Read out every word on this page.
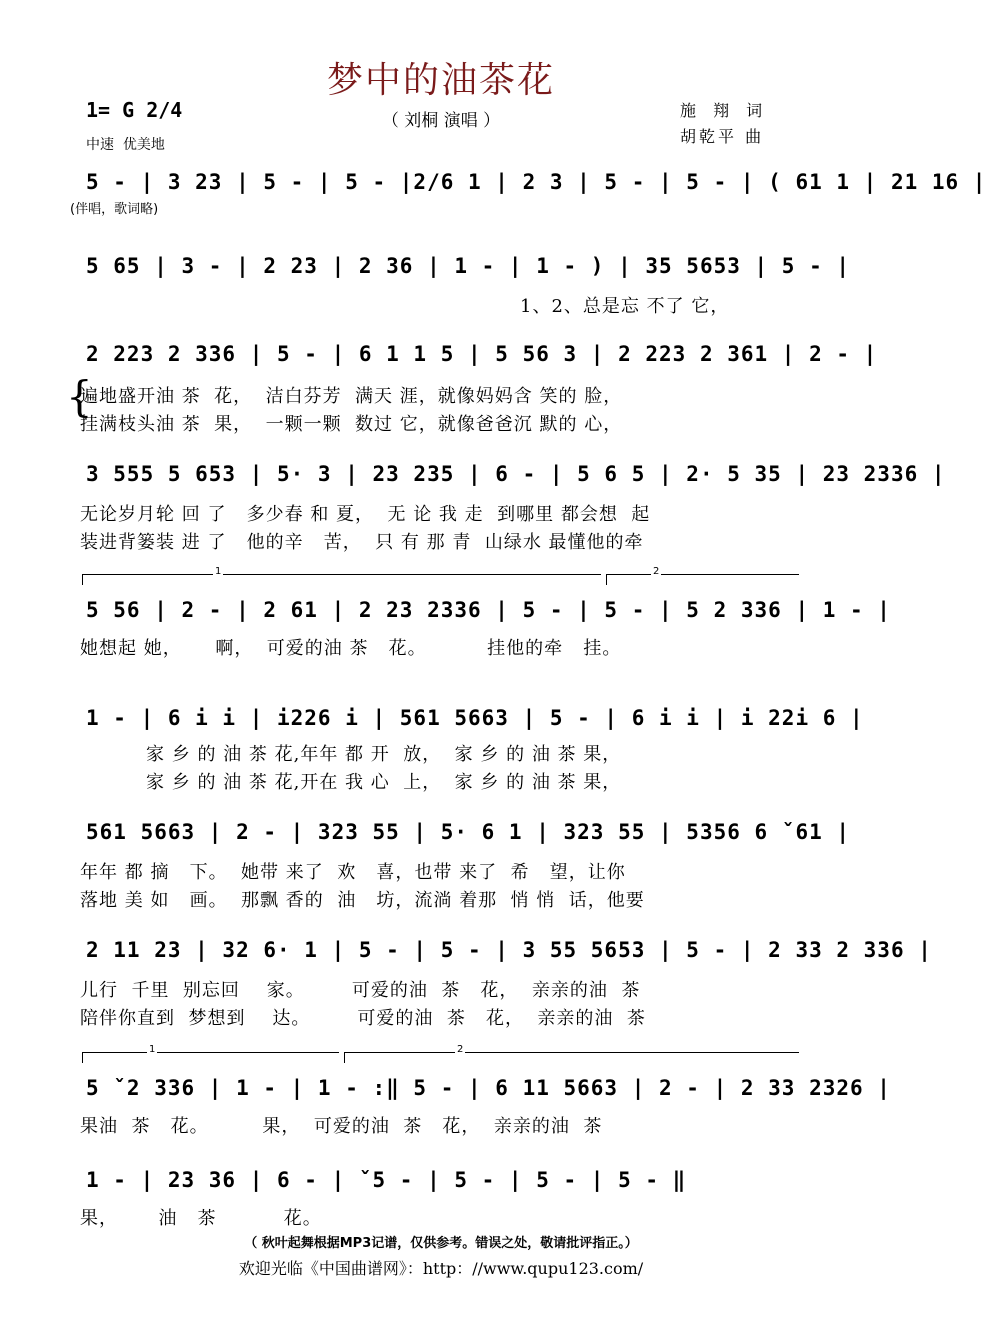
梦中的油茶花
（ 刘桐 演唱 ）
1= G 2/4
中速  优美地
施 翔 词
胡乾平 曲
5 - | 3 23 | 5 - | 5 - |2/6 1 | 2 3 | 5 - | 5 - | ( 61 1 | 21 16 |
(伴唱，歌词略)
5 65 | 3 - | 2 23 | 2 36 | 1 - | 1 - ) | 35 5653 | 5 - |
1、2、总是忘 不了 它，
2 223 2 336 | 5 - | 6 1 1 5 | 5 56 3 | 2 223 2 361 | 2 - |
{
遍地盛开油 茶  花，  洁白芬芳  满天 涯，就像妈妈含 笑的 脸，
挂满枝头油 茶  果，  一颗一颗  数过 它，就像爸爸沉 默的 心，
3 555 5 653 | 5· 3 | 23 235 | 6 - | 5 6 5 | 2· 5 35 | 23 2336 |
无论岁月轮 回 了   多少春 和 夏，  无 论 我 走  到哪里 都会想  起
装进背篓装 进 了   他的辛   苦，  只 有 那 青  山绿水 最懂他的牵
1	2
5 56 | 2 - | 2 61 | 2 23 2336 | 5 - | 5 - | 5 2 336 | 1 - |
她想起 她，     啊，  可爱的油 茶   花。         挂他的牵   挂。
1 - | 6 i i | i226 i | 561 5663 | 5 - | 6 i i | i 22i 6 |
家 乡 的 油 茶 花,年年 都 开  放，  家 乡 的 油 茶 果，
家 乡 的 油 茶 花,开在 我 心  上，  家 乡 的 油 茶 果，
561 5663 | 2 - | 323 55 | 5· 6 1 | 323 55 | 5356 6 ˇ61 |
年年 都 摘   下。  她带 来了  欢   喜，也带 来了  希   望，让你
落地 美 如   画。  那飘 香的  油   坊，流淌 着那  悄 悄  话，他要
2 11 23 | 32 6· 1 | 5 - | 5 - | 3 55 5653 | 5 - | 2 33 2 336 |
儿行  千里  别忘回    家。       可爱的油  茶   花，  亲亲的油  茶
陪伴你直到  梦想到    达。       可爱的油  茶   花，  亲亲的油  茶
1	2
5 ˇ2 336 | 1 - | 1 - :‖ 5 - | 6 11 5663 | 2 - | 2 33 2326 |
果油  茶   花。        果，  可爱的油  茶   花，  亲亲的油  茶
1 - | 23 36 | 6 - | ˇ5 - | 5 - | 5 - | 5 - ‖
果，      油   茶          花。
（ 秋叶起舞根据MP3记谱，仅供参考。错误之处，敬请批评指正。）
欢迎光临《中国曲谱网》：http：//www.qupu123.com/
